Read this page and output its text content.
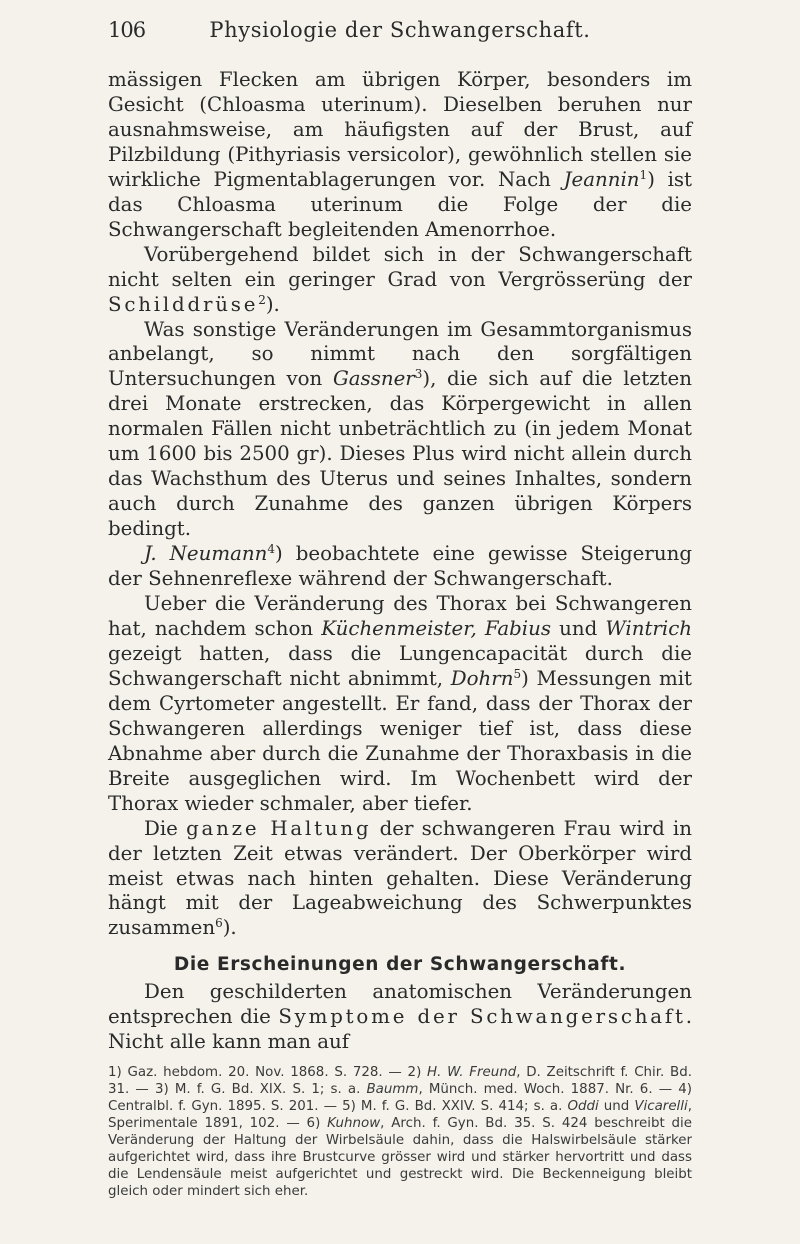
106	Physiologie der Schwangerschaft.

mässigen Flecken am übrigen Körper, besonders im Gesicht (Chloasma uterinum). Dieselben beruhen nur ausnahmsweise, am häufigsten auf der Brust, auf Pilzbildung (Pithyriasis versicolor), gewöhnlich stellen sie wirkliche Pigmentablagerungen vor. Nach Jeannin$^1$) ist das Chloasma uterinum die Folge der die Schwangerschaft begleitenden Amenorrhoe.

Vorübergehend bildet sich in der Schwangerschaft nicht selten ein geringer Grad von Vergrösserüng der Schilddrüse$^2$).

Was sonstige Veränderungen im Gesammtorganismus anbelangt, so nimmt nach den sorgfältigen Untersuchungen von Gassner$^3$), die sich auf die letzten drei Monate erstrecken, das Körpergewicht in allen normalen Fällen nicht unbeträchtlich zu (in jedem Monat um 1600 bis 2500 gr). Dieses Plus wird nicht allein durch das Wachsthum des Uterus und seines Inhaltes, sondern auch durch Zunahme des ganzen übrigen Körpers bedingt.

J. Neumann$^4$) beobachtete eine gewisse Steigerung der Sehnenreflexe während der Schwangerschaft.

Ueber die Veränderung des Thorax bei Schwangeren hat, nachdem schon Küchenmeister, Fabius und Wintrich gezeigt hatten, dass die Lungencapacität durch die Schwangerschaft nicht abnimmt, Dohrn$^5$) Messungen mit dem Cyrtometer angestellt. Er fand, dass der Thorax der Schwangeren allerdings weniger tief ist, dass diese Abnahme aber durch die Zunahme der Thoraxbasis in die Breite ausgeglichen wird. Im Wochenbett wird der Thorax wieder schmaler, aber tiefer.

Die ganze Haltung der schwangeren Frau wird in der letzten Zeit etwas verändert. Der Oberkörper wird meist etwas nach hinten gehalten. Diese Veränderung hängt mit der Lageabweichung des Schwerpunktes zusammen$^6$).

Die Erscheinungen der Schwangerschaft.

Den geschilderten anatomischen Veränderungen entsprechen die Symptome der Schwangerschaft. Nicht alle kann man auf

1) Gaz. hebdom. 20. Nov. 1868. S. 728. — 2) H. W. Freund, D. Zeitschrift f. Chir. Bd. 31. — 3) M. f. G. Bd. XIX. S. 1; s. a. Baumm, Münch. med. Woch. 1887. Nr. 6. — 4) Centralbl. f. Gyn. 1895. S. 201. — 5) M. f. G. Bd. XXIV. S. 414; s. a. Oddi und Vicarelli, Sperimentale 1891, 102. — 6) Kuhnow, Arch. f. Gyn. Bd. 35. S. 424 beschreibt die Veränderung der Haltung der Wirbelsäule dahin, dass die Halswirbelsäule stärker aufgerichtet wird, dass ihre Brustcurve grösser wird und stärker hervortritt und dass die Lendensäule meist aufgerichtet und gestreckt wird. Die Beckenneigung bleibt gleich oder mindert sich eher.
